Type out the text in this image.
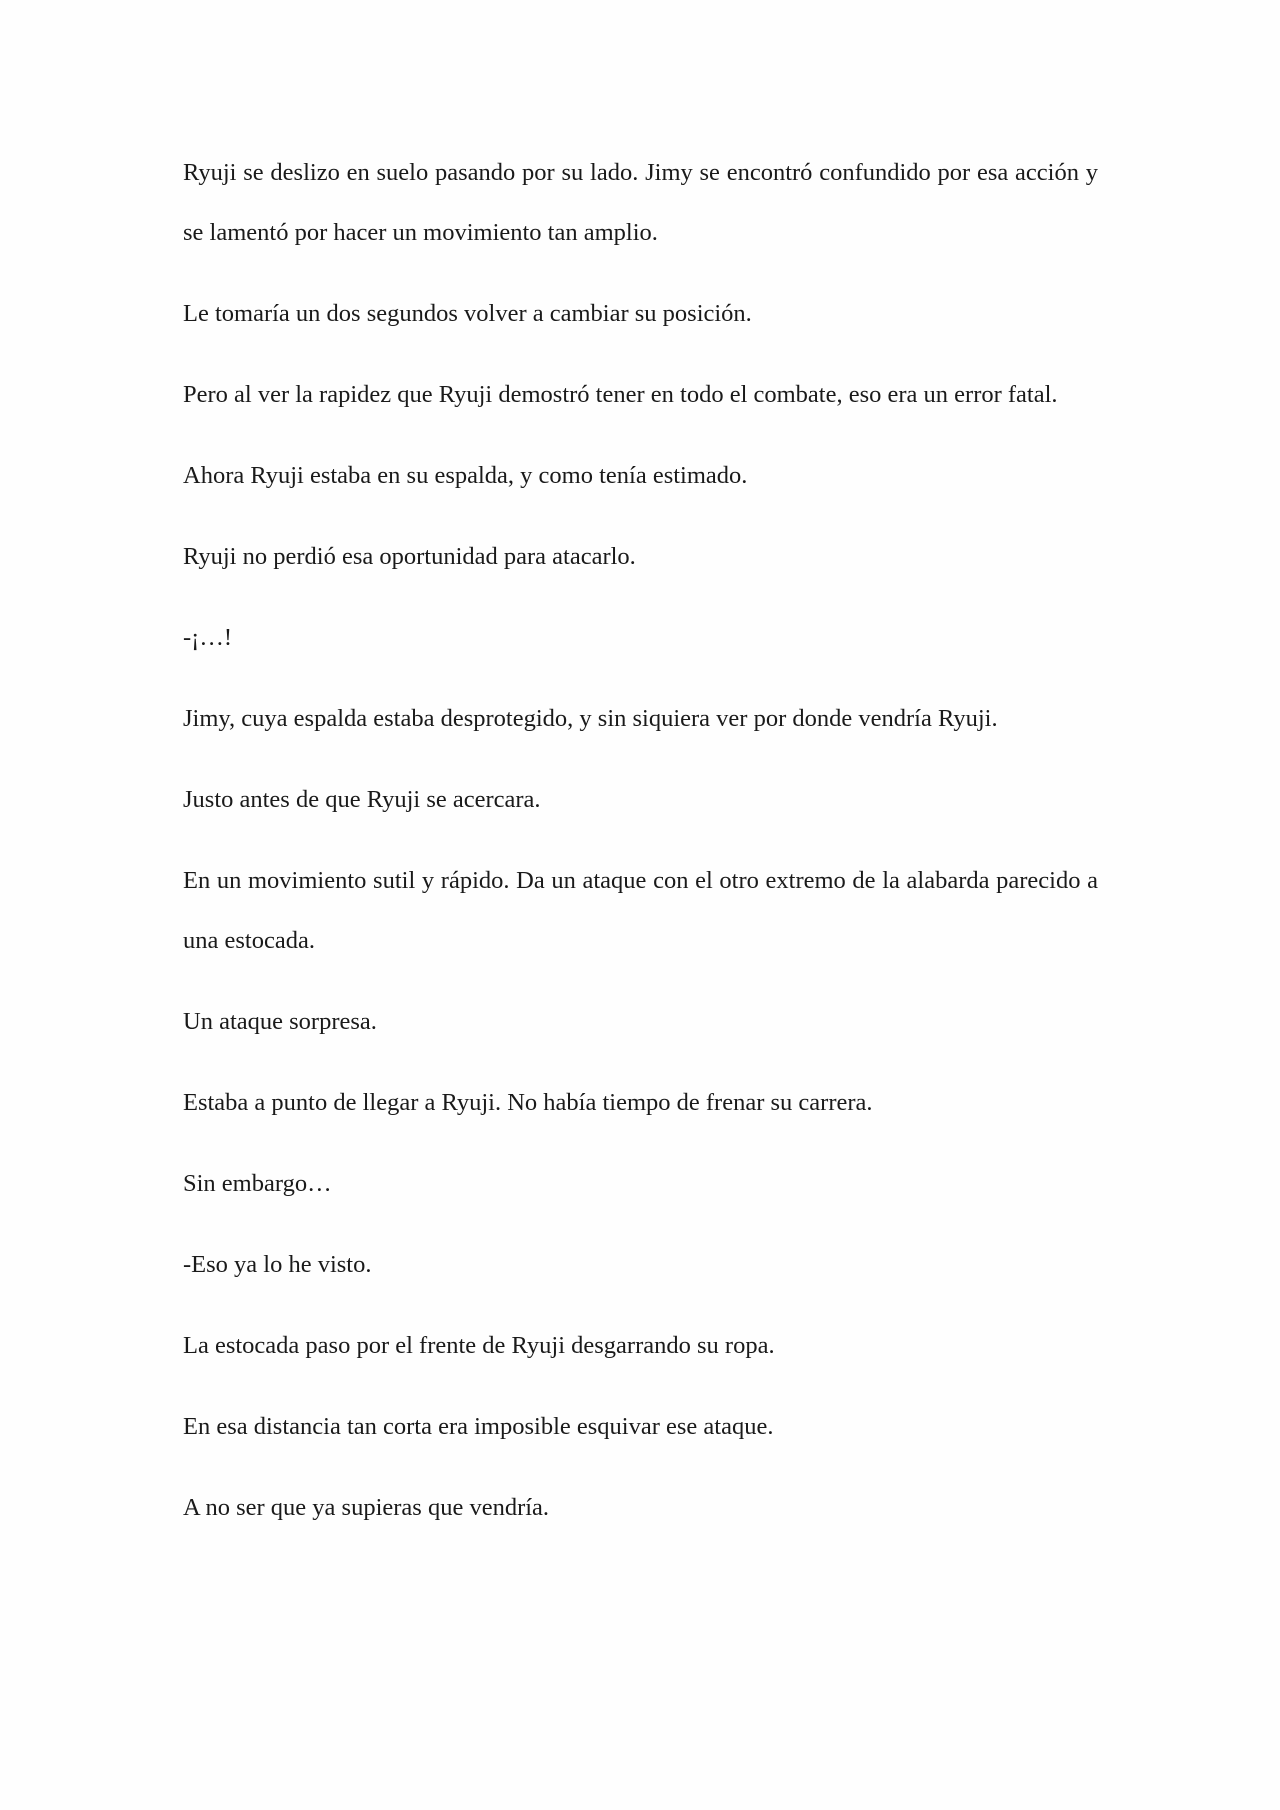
Ryuji se deslizo en suelo pasando por su lado. Jimy se encontró confundido por esa acción y se lamentó por hacer un movimiento tan amplio.

Le tomaría un dos segundos volver a cambiar su posición.

Pero al ver la rapidez que Ryuji demostró tener en todo el combate, eso era un error fatal.

Ahora Ryuji estaba en su espalda, y como tenía estimado.

Ryuji no perdió esa oportunidad para atacarlo.

-¡…!

Jimy, cuya espalda estaba desprotegido, y sin siquiera ver por donde vendría Ryuji.

Justo antes de que Ryuji se acercara.

En un movimiento sutil y rápido. Da un ataque con el otro extremo de la alabarda parecido a una estocada.

Un ataque sorpresa.

Estaba a punto de llegar a Ryuji. No había tiempo de frenar su carrera.

Sin embargo…

-Eso ya lo he visto.

La estocada paso por el frente de Ryuji desgarrando su ropa.

En esa distancia tan corta era imposible esquivar ese ataque.

A no ser que ya supieras que vendría.
